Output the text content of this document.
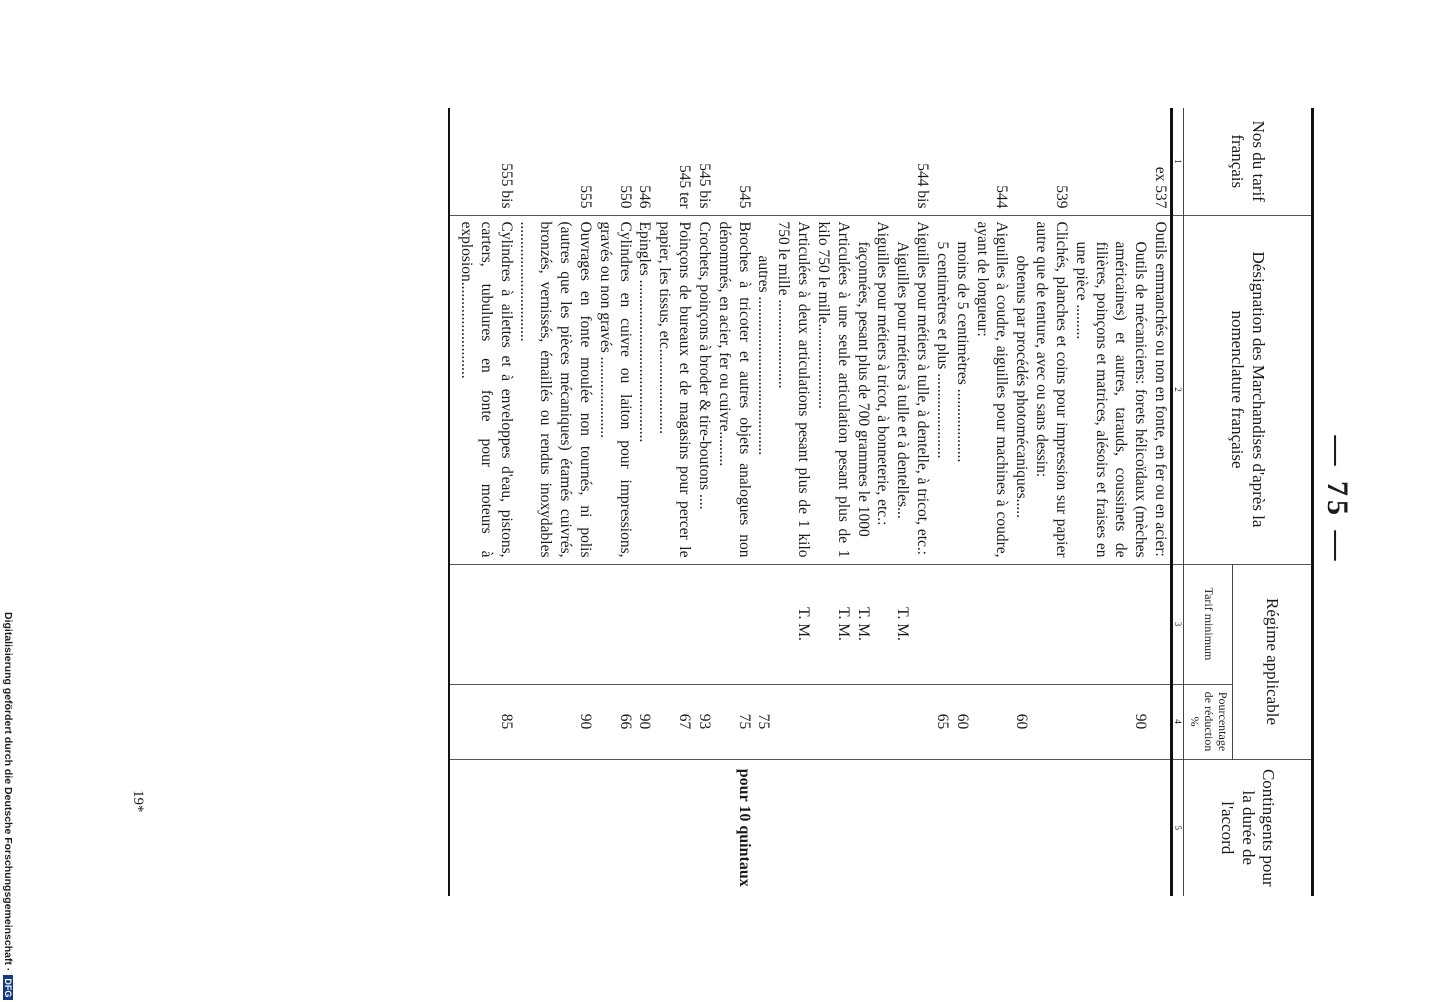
— 75 —
Nos du tarif français	Désignation des Marchandises d'après la nomenclature française	Régime applicable		Contingents pour la durée de l'accord
		Tarif minimum	Pourcentage de réduction %	
1	2	3	4	5
ex 537	Outils emmanchés ou non en fonte, en fer ou en acier:			
	Outils de mécaniciens: forets hélicoïdaux (mèches américaines) et autres, tarauds, coussinets de filières, poinçons et matrices, alésoirs et fraises en une pièce .........		90	
539	Clichés, planches et coins pour impression sur papier autre que de tenture, avec ou sans dessin:			
	obtenus par procédés photomécaniques.....		60	
544	Aiguilles à coudre, aiguilles pour machines à coudre, ayant de longueur:			
	moins de 5 centimètres ...................		60	
	5 centimètres et plus ......................		65	
544 bis	Aiguilles pour métiers à tulle, à dentelle, à tricot, etc.:			
	Aiguilles pour métiers à tulle et à dentelles...	T. M.		
	Aiguilles pour métiers à tricot, à bonneterie, etc.:			
	façonnées, pesant plus de 700 grammes le 1000	T. M.		
	Articulées à une seule articulation pesant plus de 1 kilo 750 le mille......................	T. M.		
	Articulées à deux articulations pesant plus de 1 kilo 750 le mille .......................	T. M.		
	autres .........................................		75	
545	Broches à tricoter et autres objets analogues non dénommés, en acier, fer ou cuivre.........		75	pour 10 quintaux
545 bis	Crochets, poinçons à broder & tire-boutons ....		93	
545 ter	Poinçons de bureaux et de magasins pour percer le papier, les tissus, etc......................		67	
546	Epingles ..........................................		90	
550	Cylindres en cuivre ou laiton pour impressions, gravés ou non gravés .....................		66	
555	Ouvrages en fonte moulée non tournés, ni polis (autres que les pièces mécaniques) étamés cuivrés, bronzés, vernissés, émaillés ou rendus inoxydables ...............................		90	
555 bis	Cylindres à ailettes et à enveloppes d'eau, pistons, carters, tubulures en fonte pour moteurs à explosion.........................		85	
19*
Digitalisierung gefördert durch die Deutsche Forschungsgemeinschaft ·DFG
